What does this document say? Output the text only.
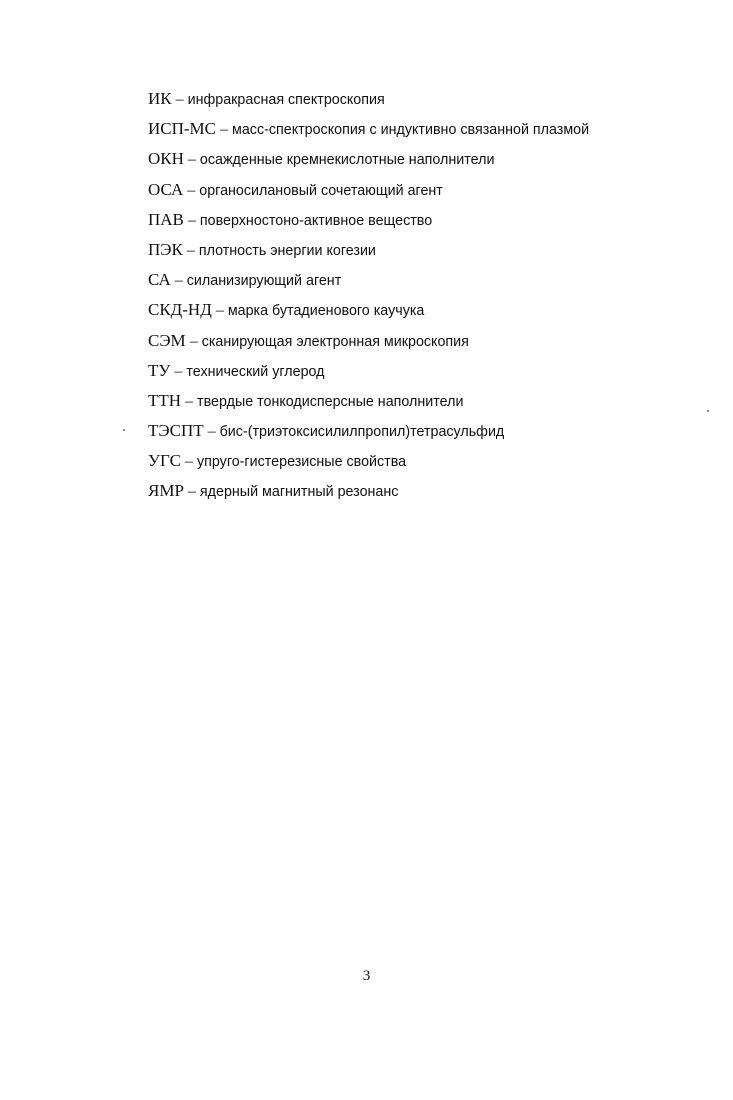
ИК – инфракрасная спектроскопия
ИСП-МС – масс-спектроскопия с индуктивно связанной плазмой
ОКН – осажденные кремнекислотные наполнители
ОСА – органосилановый сочетающий агент
ПАВ – поверхностоно-активное вещество
ПЭК – плотность энергии когезии
СА – силанизирующий агент
СКД-НД – марка бутадиенового каучука
СЭМ – сканирующая электронная микроскопия
ТУ – технический углерод
ТТН – твердые тонкодисперсные наполнители
ТЭСПТ – бис-(триэтоксисилилпропил)тетрасульфид
УГС – упруго-гистерезисные свойства
ЯМР – ядерный магнитный резонанс
3
